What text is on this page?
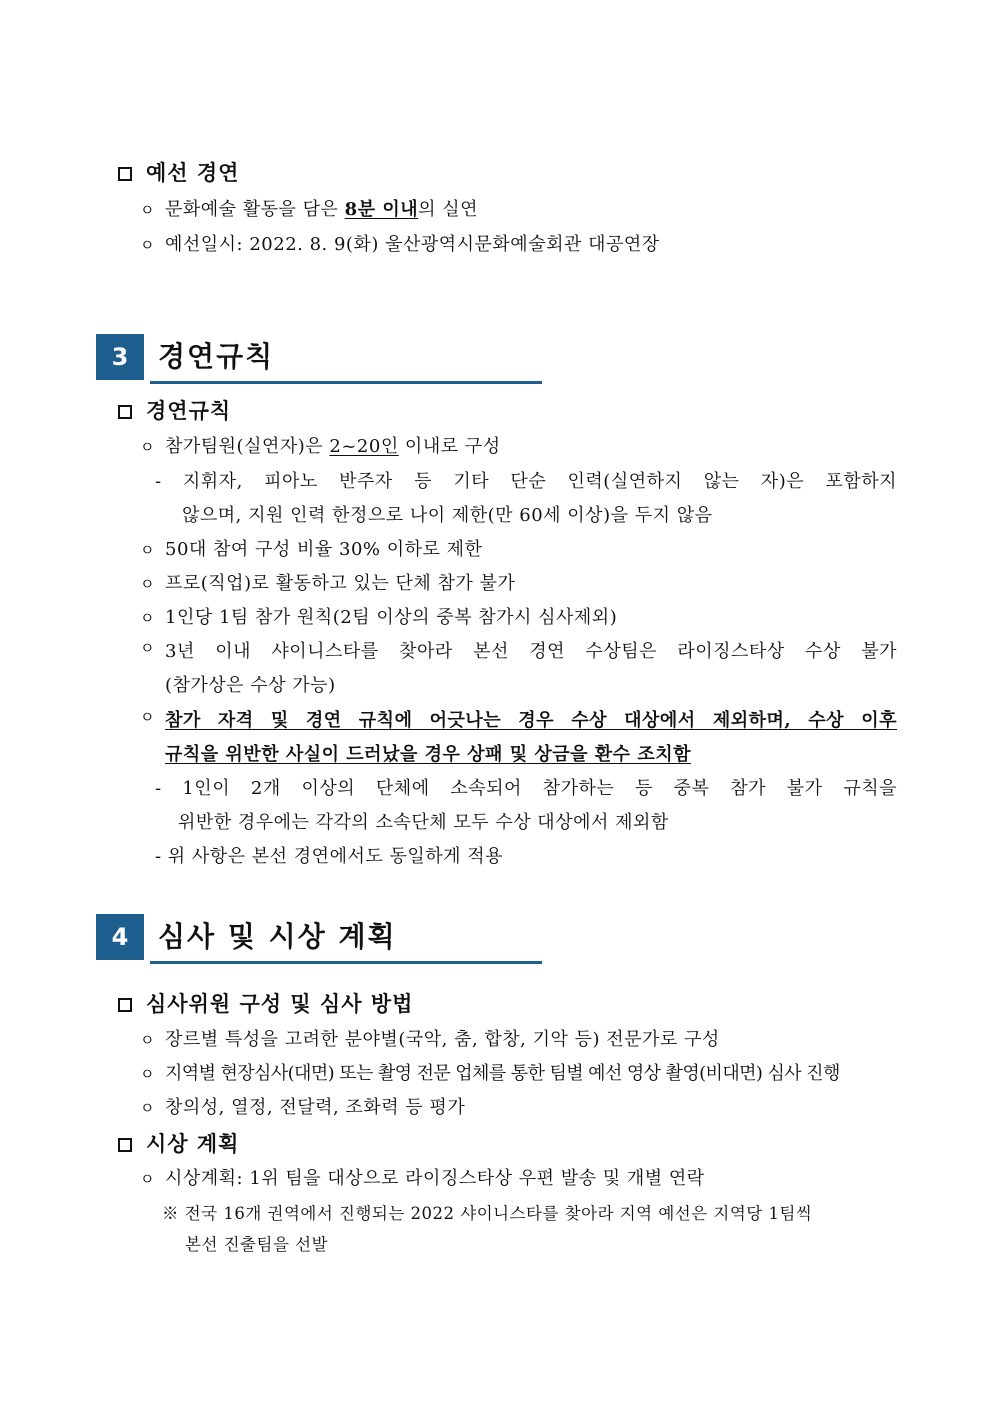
예선 경연
ㅇ 문화예술 활동을 담은 8분 이내의 실연
ㅇ 예선일시: 2022. 8. 9(화) 울산광역시문화예술회관 대공연장
3	경연규칙
경연규칙
ㅇ 참가팀원(실연자)은 2~20인 이내로 구성
- 지휘자, 피아노 반주자 등 기타 단순 인력(실연하지 않는 자)은 포함하지
않으며, 지원 인력 한정으로 나이 제한(만 60세 이상)을 두지 않음
ㅇ 50대 참여 구성 비율 30% 이하로 제한
ㅇ 프로(직업)로 활동하고 있는 단체 참가 불가
ㅇ 1인당 1팀 참가 원칙(2팀 이상의 중복 참가시 심사제외)
ㅇ 3년 이내 샤이니스타를 찾아라 본선 경연 수상팀은 라이징스타상 수상 불가
(참가상은 수상 가능)
ㅇ 참가 자격 및 경연 규칙에 어긋나는 경우 수상 대상에서 제외하며, 수상 이후
규칙을 위반한 사실이 드러났을 경우 상패 및 상금을 환수 조치함
- 1인이 2개 이상의 단체에 소속되어 참가하는 등 중복 참가 불가 규칙을
위반한 경우에는 각각의 소속단체 모두 수상 대상에서 제외함
- 위 사항은 본선 경연에서도 동일하게 적용
4	심사 및 시상 계획
심사위원 구성 및 심사 방법
ㅇ 장르별 특성을 고려한 분야별(국악, 춤, 합창, 기악 등) 전문가로 구성
ㅇ 지역별 현장심사(대면) 또는 촬영 전문 업체를 통한 팀별 예선 영상 촬영(비대면) 심사 진행
ㅇ 창의성, 열정, 전달력, 조화력 등 평가
시상 계획
ㅇ 시상계획: 1위 팀을 대상으로 라이징스타상 우편 발송 및 개별 연락
※ 전국 16개 권역에서 진행되는 2022 샤이니스타를 찾아라 지역 예선은 지역당 1팀씩
본선 진출팀을 선발
